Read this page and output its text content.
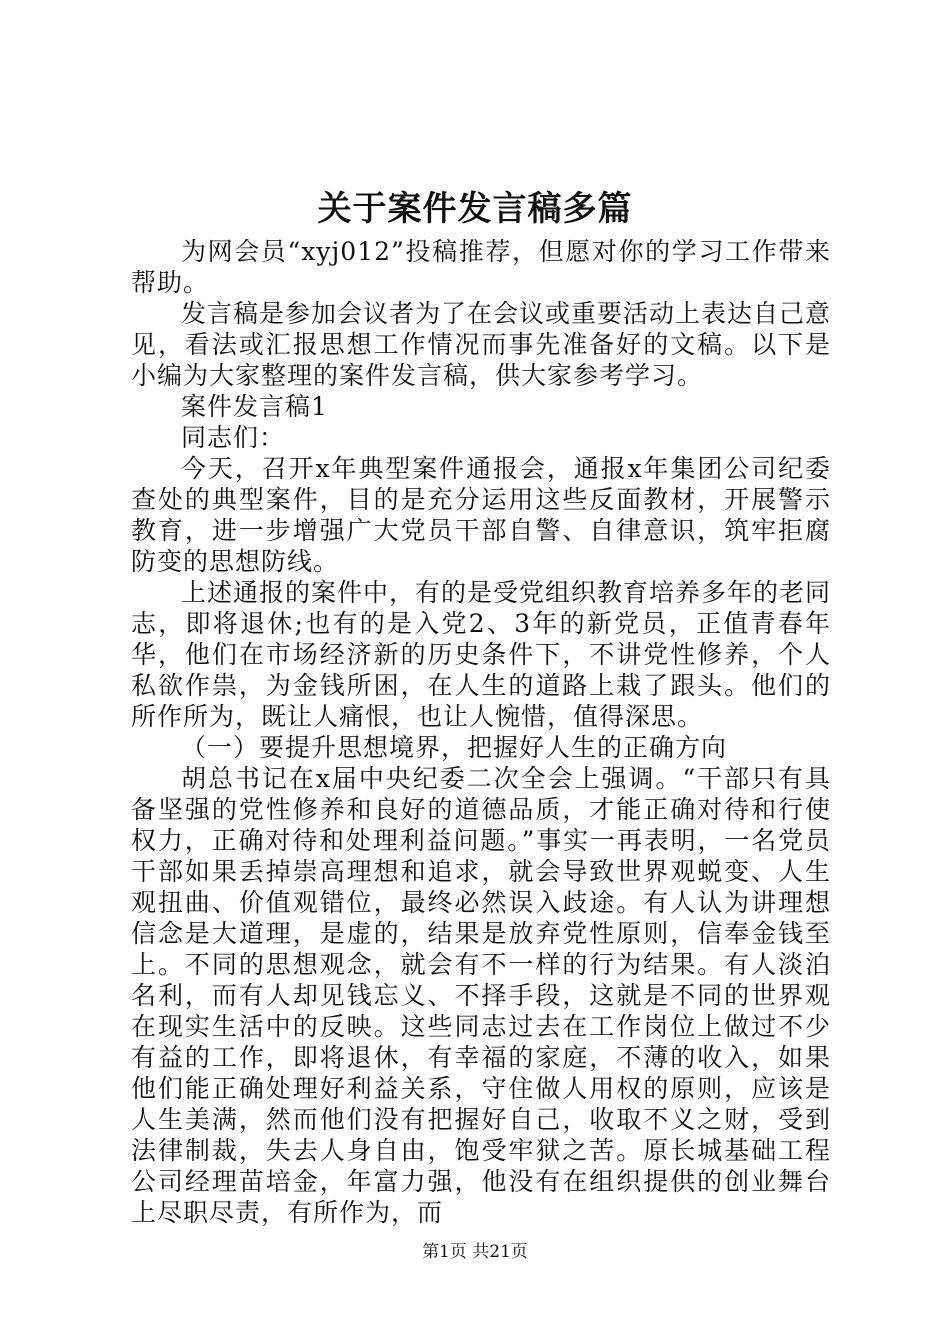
关于案件发言稿多篇

为网会员“xyj012”投稿推荐，但愿对你的学习工作带来帮助。

发言稿是参加会议者为了在会议或重要活动上表达自己意见，看法或汇报思想工作情况而事先准备好的文稿。以下是小编为大家整理的案件发言稿，供大家参考学习。

案件发言稿1

同志们：

今天，召开x年典型案件通报会，通报x年集团公司纪委查处的典型案件，目的是充分运用这些反面教材，开展警示教育，进一步增强广大党员干部自警、自律意识，筑牢拒腐防变的思想防线。

上述通报的案件中，有的是受党组织教育培养多年的老同志，即将退休;也有的是入党2、3年的新党员，正值青春年华，他们在市场经济新的历史条件下，不讲党性修养，个人私欲作祟，为金钱所困，在人生的道路上栽了跟头。他们的所作所为，既让人痛恨，也让人惋惜，值得深思。

（一）要提升思想境界，把握好人生的正确方向

胡总书记在x届中央纪委二次全会上强调。“干部只有具备坚强的党性修养和良好的道德品质，才能正确对待和行使权力，正确对待和处理利益问题。”事实一再表明，一名党员干部如果丢掉崇高理想和追求，就会导致世界观蜕变、人生观扭曲、价值观错位，最终必然误入歧途。有人认为讲理想信念是大道理，是虚的，结果是放弃党性原则，信奉金钱至上。不同的思想观念，就会有不一样的行为结果。有人淡泊名利，而有人却见钱忘义、不择手段，这就是不同的世界观在现实生活中的反映。这些同志过去在工作岗位上做过不少有益的工作，即将退休，有幸福的家庭，不薄的收入，如果他们能正确处理好利益关系，守住做人用权的原则，应该是人生美满，然而他们没有把握好自己，收取不义之财，受到法律制裁，失去人身自由，饱受牢狱之苦。原长城基础工程公司经理苗培金，年富力强，他没有在组织提供的创业舞台上尽职尽责，有所作为，而

第1页 共21页
